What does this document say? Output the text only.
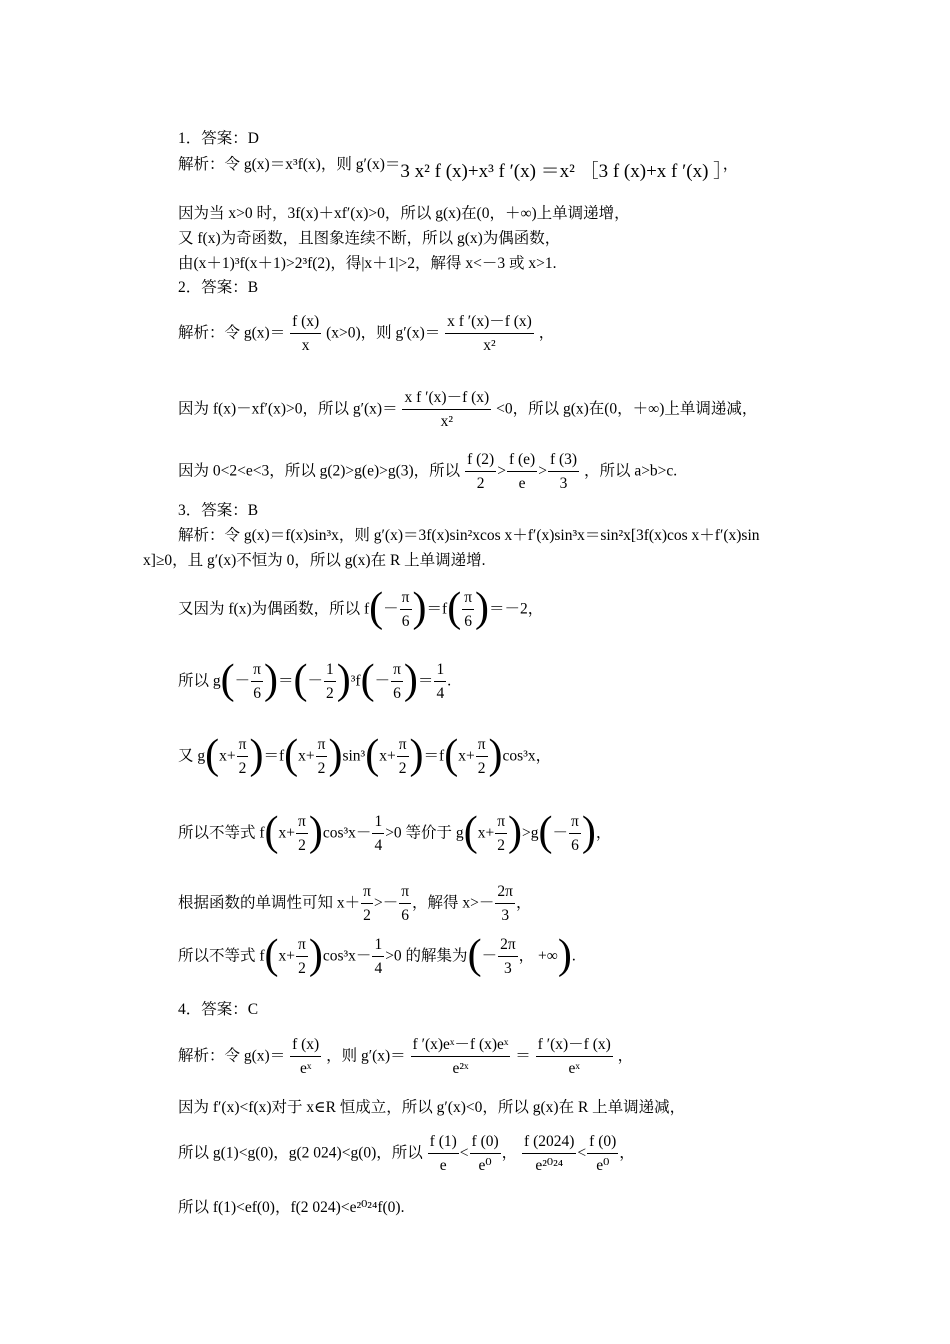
1．答案：D
解析：令 g(x)＝x³f(x)，则 g′(x)＝3 x² f (x)+x³ f ′(x) ＝x² ［3 f (x)+x f ′(x) ］，
因为当 x>0 时，3f(x)＋xf′(x)>0，所以 g(x)在(0，＋∞)上单调递增，
又 f(x)为奇函数，且图象连续不断，所以 g(x)为偶函数，
由(x＋1)³f(x＋1)>2³f(2)，得|x＋1|>2，解得 x<－3 或 x>1.
2．答案：B
解析：令 $g(x)= \frac{f (x)}{x} (x>0)$，则 $g'(x)= \frac{\text{x f ′(x)－f (x)}}{\text{x²}}$ ，
因为 f(x)－xf′(x)>0，所以 $g'(x)= \frac{\text{x f ′(x)－f (x)}}{\text{x²}} <0$，所以 g(x)在(0，＋∞)上单调递减，
因为 0<2<e<3，所以 g(2)>g(e)>g(3)，所以 $\frac{f (2)}{2} > \frac{f (e)}{e} > \frac{f (3)}{3}$ ，所以 a>b>c.
3．答案：B
解析：令 g(x)＝f(x)sin³x，则 g′(x)＝3f(x)sin²xcos x＋f′(x)sin³x＝sin²x[3f(x)cos x＋f′(x)sin
x]≥0，且 g′(x)不恒为 0，所以 g(x)在 R 上单调递增.
又因为 f(x)为偶函数，所以 $f(- \frac{\pi}{6} )=f( \frac{\pi}{6} )=-2$，
所以 $g(- \frac{\pi}{6}$ )＝(－ $\frac{1}{2} )^3f(- \frac{\pi}{6}$ )＝ $\frac{1}{4}$ .
又 $g(x+ \frac{\pi}{2} )=f(x+ \frac{\pi}{2} )\sin^3(x+ \frac{\pi}{2} )=f(x+ \frac{\pi}{2} )\cos^3x$，
所以不等式 $f(x+ \frac{\pi}{2} )\cos^3x- \frac{1}{4} >0$ 等价于 $g(x+ \frac{\pi}{2} )>g(- \frac{\pi}{6}$ )，
根据函数的单调性可知 $x+ \frac{\pi}{2} >- \frac{\pi}{6}$ ，解得 $x>- \frac{2\pi}{3}$ ，
所以不等式 $f(x+ \frac{\pi}{2} )\cos^3x- \frac{1}{4} >0$ 的解集为(－ $\frac{2\pi}{3}$ ， +∞).
4．答案：C
解析：令 $g(x)= \frac{f (x)}{\text{eˣ}}$ ，则 $g'(x)= \frac{\text{f ′(x)eˣ－f (x)eˣ}}{\text{e²ˣ}} = \frac{f '(x)-f (x)}{\text{eˣ}}$ ，
因为 f′(x)<f(x)对于 x∈R 恒成立，所以 g′(x)<0，所以 g(x)在 R 上单调递减，
所以 g(1)<g(0)，g(2 024)<g(0)，所以 $\frac{f (1)}{e} < \frac{f (0)}{\text{e⁰}}$ ， $\frac{f (2024)}{\text{e²⁰²⁴}} < \frac{f (0)}{\text{e⁰}}$ ，
所以 f(1)<ef(0)，f(2 024)<e²⁰²⁴f(0).
